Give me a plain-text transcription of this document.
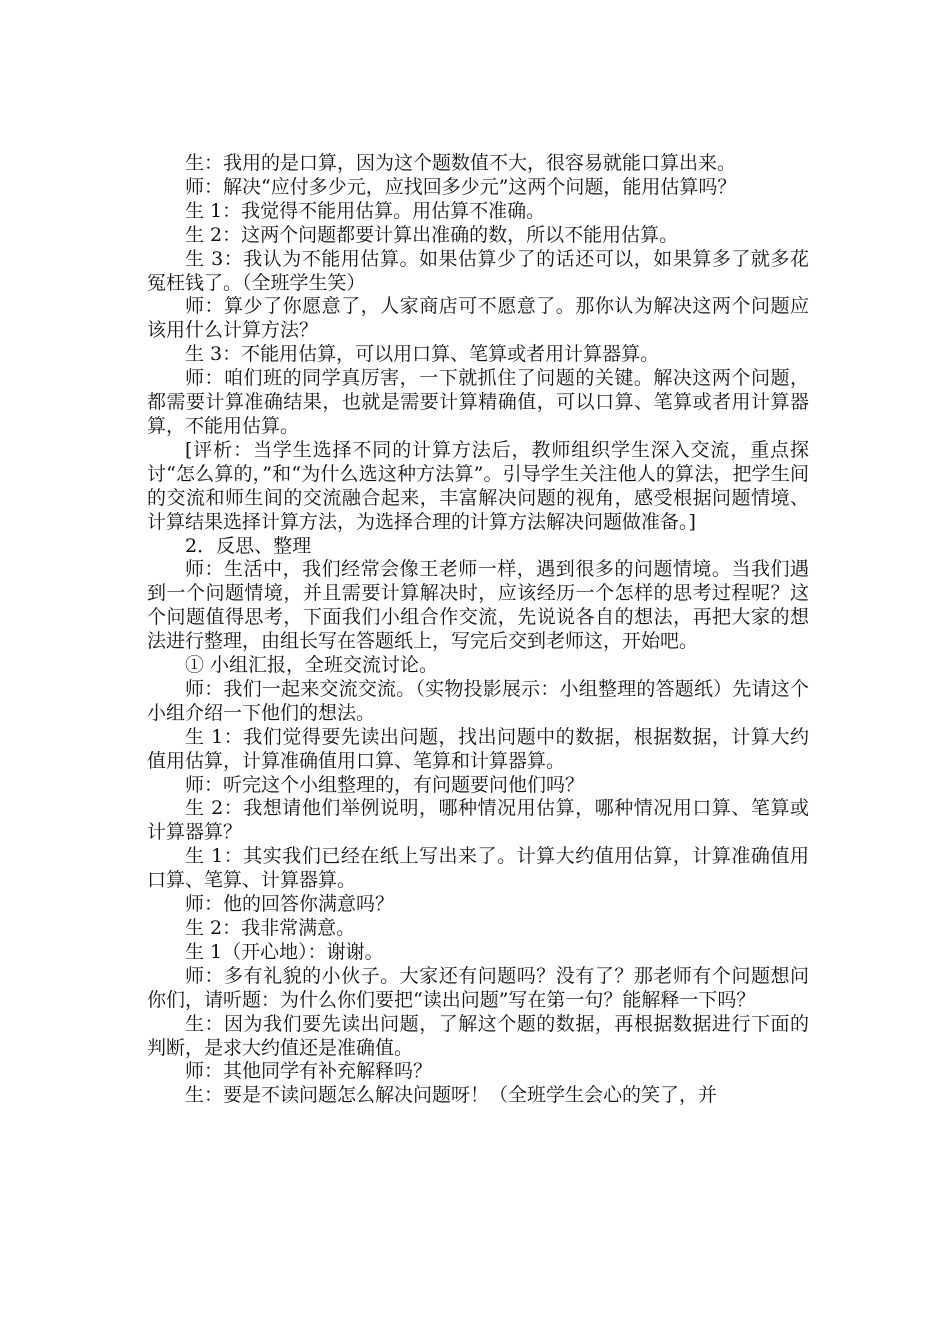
生：我用的是口算，因为这个题数值不大，很容易就能口算出来。

师：解决“应付多少元，应找回多少元”这两个问题，能用估算吗？

生 1：我觉得不能用估算。用估算不准确。

生 2：这两个问题都要计算出准确的数，所以不能用估算。

生 3：我认为不能用估算。如果估算少了的话还可以，如果算多了就多花冤枉钱了。（全班学生笑）

师：算少了你愿意了，人家商店可不愿意了。那你认为解决这两个问题应该用什么计算方法？

生 3：不能用估算，可以用口算、笔算或者用计算器算。

师：咱们班的同学真厉害，一下就抓住了问题的关键。解决这两个问题，都需要计算准确结果，也就是需要计算精确值，可以口算、笔算或者用计算器算，不能用估算。

[评析：当学生选择不同的计算方法后，教师组织学生深入交流，重点探讨“怎么算的，”和“为什么选这种方法算”。引导学生关注他人的算法，把学生间的交流和师生间的交流融合起来，丰富解决问题的视角，感受根据问题情境、计算结果选择计算方法，为选择合理的计算方法解决问题做准备。]

2．反思、整理

师：生活中，我们经常会像王老师一样，遇到很多的问题情境。当我们遇到一个问题情境，并且需要计算解决时，应该经历一个怎样的思考过程呢？这个问题值得思考，下面我们小组合作交流，先说说各自的想法，再把大家的想法进行整理，由组长写在答题纸上，写完后交到老师这，开始吧。

① 小组汇报，全班交流讨论。

师：我们一起来交流交流。（实物投影展示：小组整理的答题纸）先请这个小组介绍一下他们的想法。

生 1：我们觉得要先读出问题，找出问题中的数据，根据数据，计算大约值用估算，计算准确值用口算、笔算和计算器算。

师：听完这个小组整理的，有问题要问他们吗？

生 2：我想请他们举例说明，哪种情况用估算，哪种情况用口算、笔算或计算器算？

生 1：其实我们已经在纸上写出来了。计算大约值用估算，计算准确值用口算、笔算、计算器算。

师：他的回答你满意吗？

生 2：我非常满意。

生 1（开心地）：谢谢。

师：多有礼貌的小伙子。大家还有问题吗？没有了？那老师有个问题想问你们，请听题：为什么你们要把“读出问题”写在第一句？能解释一下吗？

生：因为我们要先读出问题，了解这个题的数据，再根据数据进行下面的判断，是求大约值还是准确值。

师：其他同学有补充解释吗？

生：要是不读问题怎么解决问题呀！（全班学生会心的笑了，并
